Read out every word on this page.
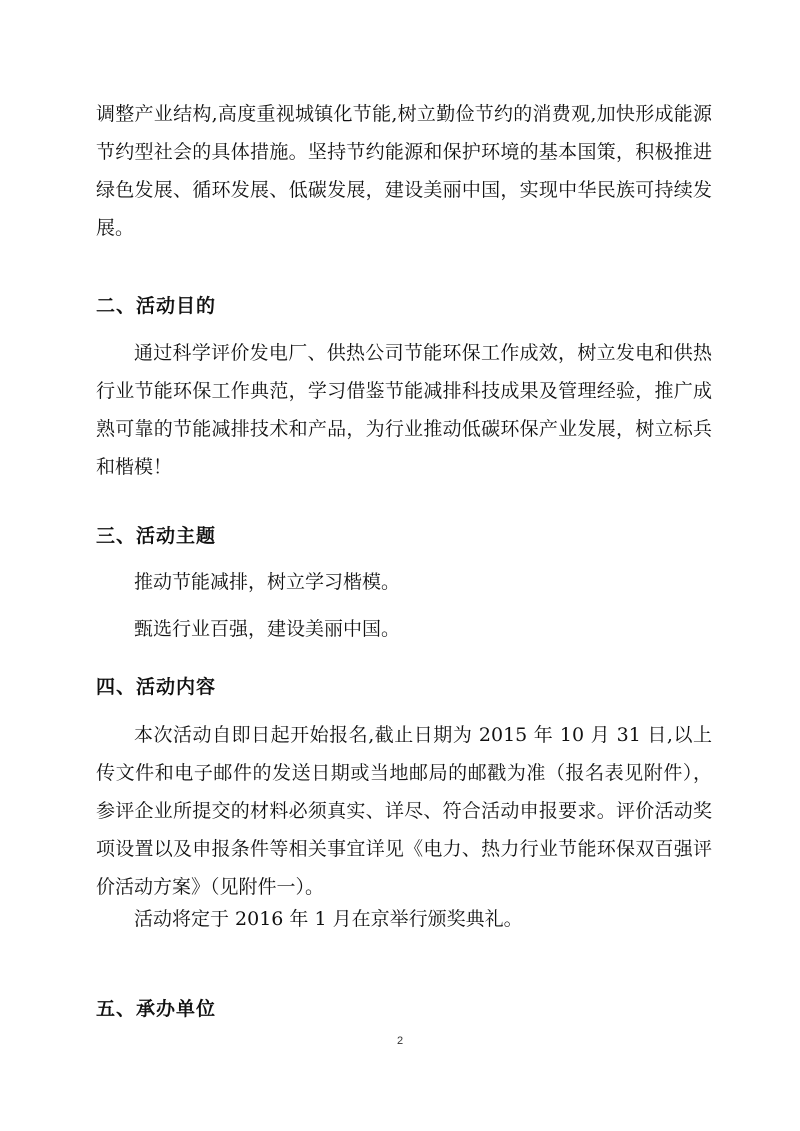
调整产业结构,高度重视城镇化节能,树立勤俭节约的消费观,加快形成能源节约型社会的具体措施。坚持节约能源和保护环境的基本国策，积极推进绿色发展、循环发展、低碳发展，建设美丽中国，实现中华民族可持续发展。

二、活动目的

通过科学评价发电厂、供热公司节能环保工作成效，树立发电和供热行业节能环保工作典范，学习借鉴节能减排科技成果及管理经验，推广成熟可靠的节能减排技术和产品，为行业推动低碳环保产业发展，树立标兵和楷模！

三、活动主题

推动节能减排，树立学习楷模。

甄选行业百强，建设美丽中国。

四、活动内容

本次活动自即日起开始报名,截止日期为 2015 年 10 月 31 日,以上传文件和电子邮件的发送日期或当地邮局的邮戳为准（报名表见附件），参评企业所提交的材料必须真实、详尽、符合活动申报要求。评价活动奖项设置以及申报条件等相关事宜详见《电力、热力行业节能环保双百强评价活动方案》（见附件一）。

活动将定于 2016 年 1 月在京举行颁奖典礼。

五、承办单位
2
